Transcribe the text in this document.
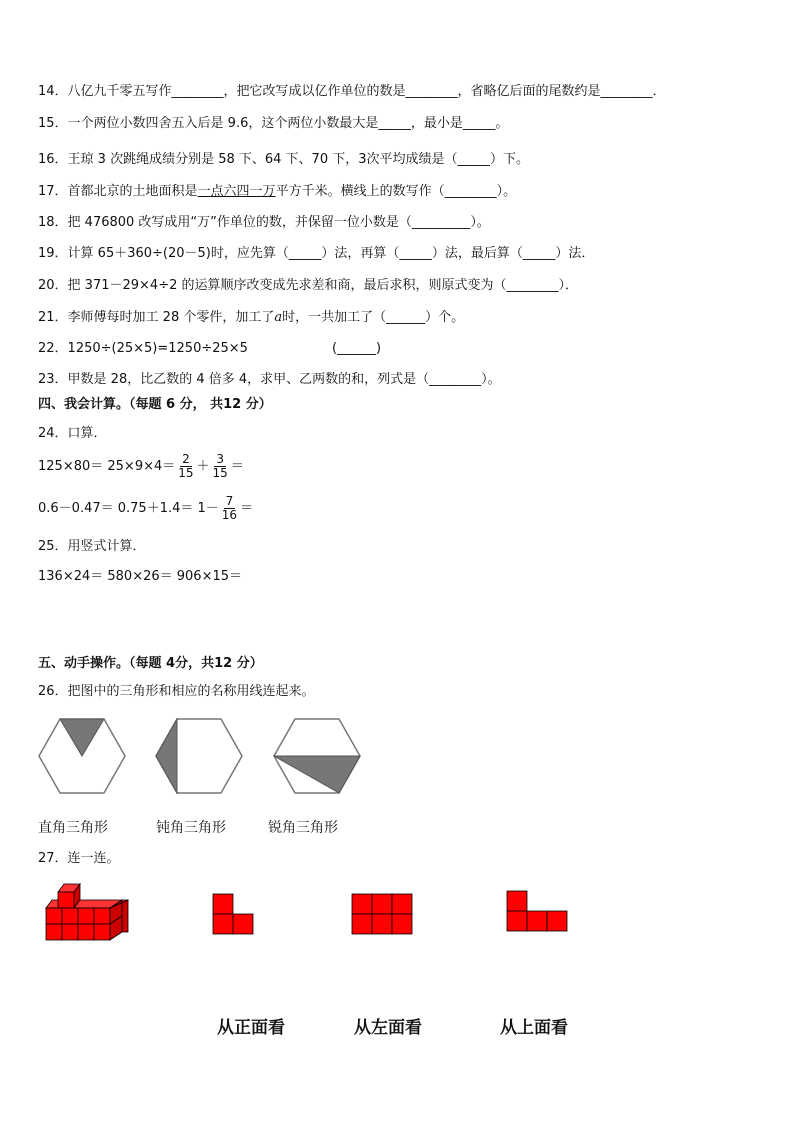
14．八亿九千零五写作________，把它改写成以亿作单位的数是________，省略亿后面的尾数约是________．
15．一个两位小数四舍五入后是 9.6，这个两位小数最大是_____，最小是_____。
16．王琼 3 次跳绳成绩分别是 58 下、64 下、70 下，3次平均成绩是（_____）下。
17．首都北京的土地面积是一点六四一万平方千米。横线上的数写作（________）。
18．把 476800 改写成用“万”作单位的数，并保留一位小数是（_________）。
19．计算 65＋360÷(20－5)时，应先算（_____）法，再算（_____）法，最后算（_____）法．
20．把 371－29×4÷2 的运算顺序改变成先求差和商，最后求积，则原式变为（________）．
21．李师傅每时加工 28 个零件，加工了a时，一共加工了（______）个。
22．1250÷(25×5)=1250÷25×5	(______)
23．甲数是 28，比乙数的 4 倍多 4，求甲、乙两数的和，列式是（________）。
四、我会计算。（每题 6 分， 共12 分）
24．口算．
$125\times 80= 25\times 9\times 4= \frac{2}{15} + \frac{3}{15}$ ＝
$0.6-0.47= 0.75+1.4= 1- \frac{7}{16}$ ＝
25．用竖式计算．
136×24＝ 580×26＝ 906×15＝
五、动手操作。（每题 4分，共12 分）
26．把图中的三角形和相应的名称用线连起来。
直角三角形	钝角三角形	锐角三角形
27．连一连。
从正面看	从左面看	从上面看
